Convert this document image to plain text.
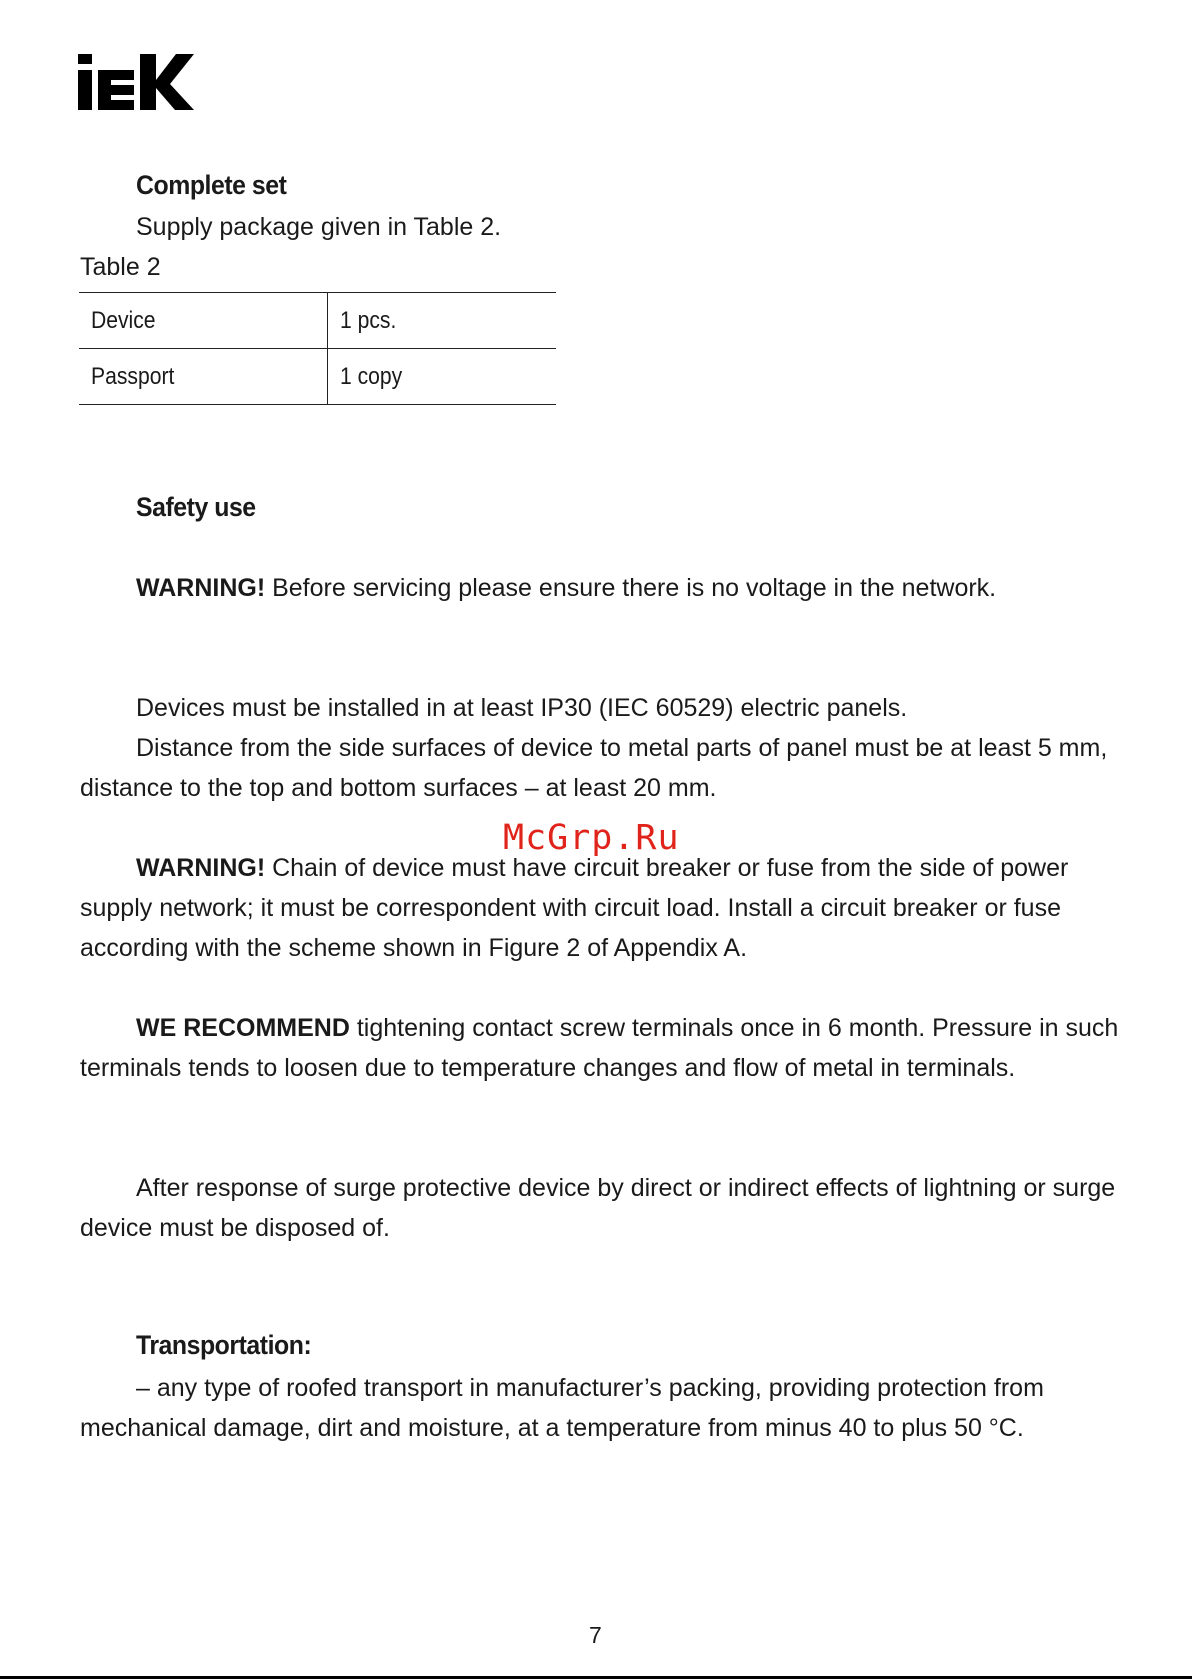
Complete set
Supply package given in Table 2.
Table 2
Device	1 pcs.
Passport	1 copy
Safety use
WARNING! Before servicing please ensure there is no voltage in the network.
Devices must be installed in at least IP30 (IEC 60529) electric panels.
Distance from the side surfaces of device to metal parts of panel must be at least 5 mm, distance to the top and bottom surfaces – at least 20 mm.
WARNING! Chain of device must have circuit breaker or fuse from the side of power supply network; it must be correspondent with circuit load. Install a circuit breaker or fuse according with the scheme shown in Figure 2 of Appendix A.
WE RECOMMEND tightening contact screw terminals once in 6 month. Pressure in such terminals tends to loosen due to temperature changes and flow of metal in terminals.
After response of surge protective device by direct or indirect effects of lightning or surge device must be disposed of.
Transportation:
– any type of roofed transport in manufacturer’s packing, providing protection from mechanical damage, dirt and moisture, at a temperature from minus 40 to plus 50 °C.
McGrp.Ru
7
